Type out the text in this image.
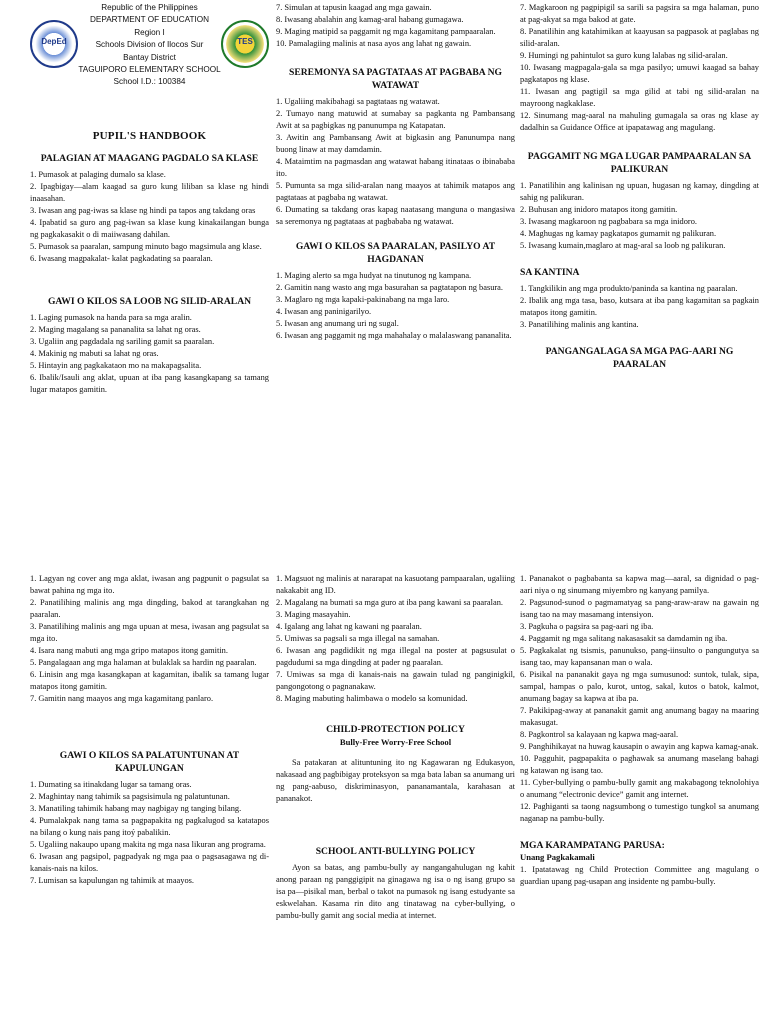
DepEd
Republic of the Philippines
DEPARTMENT OF EDUCATION
Region I
Schools Division of Ilocos Sur
Bantay District
TAGUIPORO ELEMENTARY SCHOOL
School I.D.: 100384
TES
PUPIL'S HANDBOOK
PALAGIAN AT MAAGANG PAGDALO SA KLASE
1. Pumasok at palaging dumalo sa klase.
2. Ipagbigay—alam kaagad sa guro kung liliban sa klase ng hindi inaasahan.
3. Iwasan ang pag-iwas sa klase ng hindi pa tapos ang takdang oras
4. Ipabatid sa guro ang pag-iwan sa klase kung kinakailangan bunga ng pagkakasakit o di maiiwasang dahilan.
5. Pumasok sa paaralan, sampung minuto bago magsimula ang klase.
6. Iwasang magpakalat- kalat pagkadating sa paaralan.
GAWI O KILOS SA LOOB NG SILID-ARALAN
1. Laging pumasok na handa para sa mga aralin.
2. Maging magalang sa pananalita sa lahat ng oras.
3. Ugaliin ang pagdadala ng sariling gamit sa paaralan.
4. Makinig ng mabuti sa lahat ng oras.
5. Hintayin ang pagkakataon mo na makapagsalita.
6. Ibalik/Isauli ang aklat, upuan at iba pang kasangkapang sa tamang lugar matapos gamitin.
7. Simulan at tapusin kaagad ang mga gawain.
8. Iwasang abalahin ang kamag-aral habang gumagawa.
9. Maging matipid sa paggamit ng mga kagamitang pampaaralan.
10. Pamalagiing malinis at nasa ayos ang lahat ng gawain.
SEREMONYA SA PAGTATAAS AT PAGBABA NG WATAWAT
1. Ugaliing makibahagi sa pagtataas ng watawat.
2. Tumayo nang matuwid at sumabay sa pagkanta ng Pambansang Awit at sa pagbigkas ng panunumpa ng Katapatan.
3. Awitin ang Pambansang Awit at bigkasin ang Panunumpa nang buong linaw at may damdamin.
4. Mataimtim na pagmasdan ang watawat habang itinataas o ibinababa ito.
5. Pumunta sa mga silid-aralan nang maayos at tahimik matapos ang pagtataas at pagbaba ng watawat.
6. Dumating sa takdang oras kapag naatasang manguna o mangasiwa sa seremonya ng pagtataas at pagbababa ng watawat.
GAWI O KILOS SA PAARALAN, PASILYO AT HAGDANAN
1. Maging alerto sa mga hudyat na tinutunog ng kampana.
2. Gamitin nang wasto ang mga basurahan sa pagtatapon ng basura.
3. Maglaro ng mga kapaki-pakinabang na mga laro.
4. Iwasan ang paninigarilyo.
5. Iwasan ang anumang uri ng sugal.
6. Iwasan ang paggamit ng mga mahahalay o malalaswang pananalita.
7. Magkaroon ng pagpipigil sa sarili sa pagsira sa mga halaman, puno at pag-akyat sa mga bakod at gate.
8. Panatilihin ang katahimikan at kaayusan sa pagpasok at paglabas ng silid-aralan.
9. Humingi ng pahintulot sa guro kung lalabas ng silid-aralan.
10. Iwasang magpagala-gala sa mga pasilyo; umuwi kaagad sa bahay pagkatapos ng klase.
11. Iwasan ang pagtigil sa mga gilid at tabi ng silid-aralan na mayroong nagkaklase.
12. Sinumang mag-aaral na mahuling gumagala sa oras ng klase ay dadalhin sa Guidance Office at ipapatawag ang magulang.
PAGGAMIT NG MGA LUGAR PAMPAARALAN SA PALIKURAN
1. Panatilihin ang kalinisan ng upuan, hugasan ng kamay, dingding at sahig ng palikuran.
2. Buhusan ang inidoro matapos itong gamitin.
3. Iwasang magkaroon ng pagbabara sa mga inidoro.
4. Maghugas ng kamay pagkatapos gumamit ng palikuran.
5. Iwasang kumain,maglaro at mag-aral sa loob ng palikuran.
SA KANTINA
1. Tangkilikin ang mga produkto/paninda sa kantina ng paaralan.
2. Ibalik ang mga tasa, baso, kutsara at iba pang kagamitan sa pagkain matapos itong gamitin.
3. Panatilihing malinis ang kantina.
PANGANGALAGA SA MGA PAG-AARI NG PAARALAN
1. Lagyan ng cover ang mga aklat, iwasan ang pagpunit o pagsulat sa bawat pahina ng mga ito.
2. Panatilihing malinis ang mga dingding, bakod at tarangkahan ng paaralan.
3. Panatilihing malinis ang mga upuan at mesa, iwasan ang pagsulat sa mga ito.
4. Isara nang mabuti ang mga gripo matapos itong gamitin.
5. Pangalagaan ang mga halaman at bulaklak sa hardin ng paaralan.
6. Linisin ang mga kasangkapan at kagamitan, ibalik sa tamang lugar matapos itong gamitin.
7. Gamitin nang maayos ang mga kagamitang panlaro.
GAWI O KILOS SA PALATUNTUNAN AT KAPULUNGAN
1. Dumating sa itinakdang lugar sa tamang oras.
2. Maghintay nang tahimik sa pagsisimula ng palatuntunan.
3. Manatiling tahimik habang may nagbigay ng tanging bilang.
4. Pumalakpak nang tama sa pagpapakita ng pagkalugod sa katatapos na bilang o kung nais pang itoý pabalikin.
5. Ugaliing nakaupo upang makita ng mga nasa likuran ang programa.
6. Iwasan ang pagsipol, pagpadyak ng mga paa o pagsasagawa ng di-kanais-nais na kilos.
7. Lumisan sa kapulungan ng tahimik at maayos.
1. Magsuot ng malinis at nararapat na kasuotang pampaaralan, ugaliing nakakabit ang ID.
2. Magalang na bumati sa mga guro at iba pang kawani sa paaralan.
3. Maging masayahin.
4. Igalang ang lahat ng kawani ng paaralan.
5. Umiwas sa pagsali sa mga illegal na samahan.
6. Iwasan ang pagdidikit ng mga illegal na poster at pagsusulat o pagdudumi sa mga dingding at pader ng paaralan.
7. Umiwas sa mga di kanais-nais na gawain tulad ng panginigkil, pangongotong o pagnanakaw.
8. Maging mabuting halimbawa o modelo sa komunidad.
CHILD-PROTECTION POLICY
Bully-Free Worry-Free School

Sa patakaran at alituntuning ito ng Kagawaran ng Edukasyon, nakasaad ang pagbibigay proteksyon sa mga bata laban sa anumang uri ng pang-aabuso, diskriminasyon, pananamantala, karahasan at pananakot.

SCHOOL ANTI-BULLYING POLICY

Ayon sa batas, ang pambu-bully ay nangangahulugan ng kahit anong paraan ng panggigipit na ginagawa ng isa o ng isang grupo sa isa pa—pisikal man, berbal o takot na pumasok ng isang estudyante sa eskwelahan. Kasama rin dito ang tinatawag na cyber-bullying, o pambu-bully gamit ang social media at internet.

1. Pananakot o pagbabanta sa kapwa mag—aaral, sa dignidad o pag-aari niya o ng sinumang miyembro ng kanyang pamilya.
2. Pagsunod-sunod o pagmamatyag sa pang-araw-araw na gawain ng isang tao na may masamang intensiyon.
3. Pagkuha o pagsira sa pag-aari ng iba.
4. Paggamit ng mga salitang nakasasakit sa damdamin ng iba.
5. Pagkakalat ng tsismis, panunukso, pang-iinsulto o pangungutya sa isang tao, may kapansanan man o wala.
6. Pisikal na pananakit gaya ng mga sumusunod: suntok, tulak, sipa, sampal, hampas o palo, kurot, untog, sakal, kutos o batok, kalmot, anumang bagay sa kapwa at iba pa.
7. Pakikipag-away at pananakit gamit ang anumang bagay na maaring makasugat.
8. Pagkontrol sa kalayaan ng kapwa mag-aaral.
9. Panghihikayat na huwag kausapin o awayin ang kapwa kamag-anak.
10. Pagguhit, pagpapakita o paghawak sa anumang maselang bahagi ng katawan ng isang tao.
11. Cyber-bullying o pambu-bully gamit ang makabagong teknolohiya o anumang “electronic device” gamit ang internet.
12. Paghiganti sa taong nagsumbong o tumestigo tungkol sa anumang naganap na pambu-bully.
MGA KARAMPATANG PARUSA:
Unang Pagkakamali
1. Ipatatawag ng Child Protection Committee ang magulang o guardian upang pag-usapan ang insidente ng pambu-bully.
